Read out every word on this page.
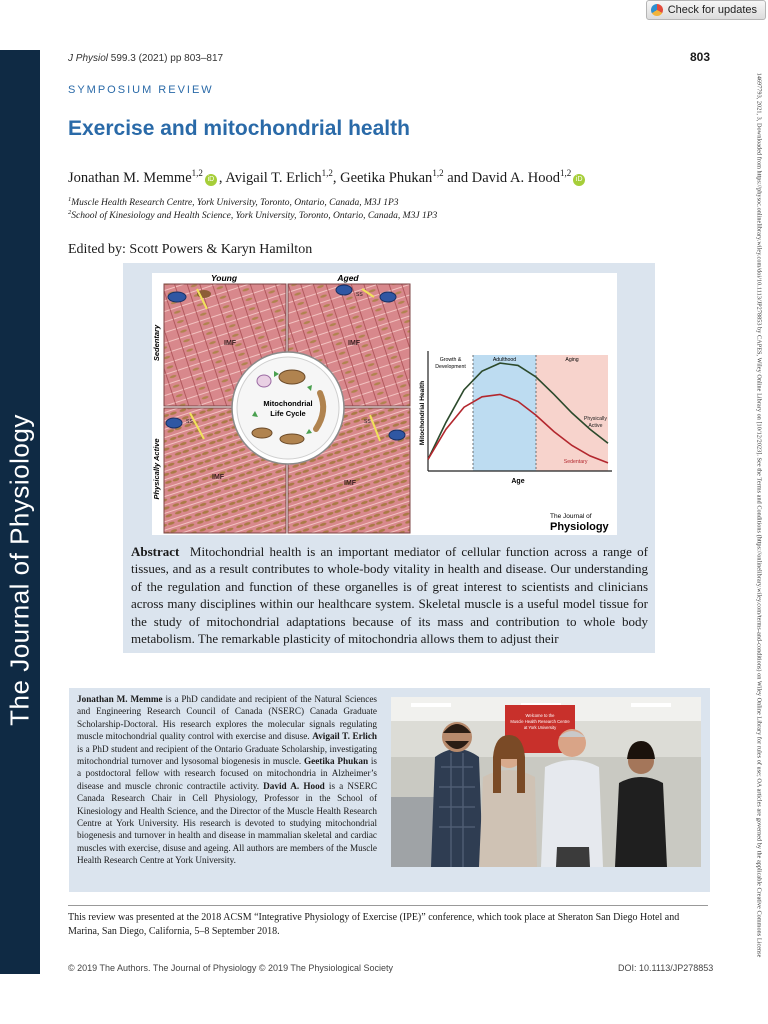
The Journal of Physiology
Check for updates
14697793, 2021, 3, Downloaded from https://physoc.onlinelibrary.wiley.com/doi/10.1113/JP278853 by CAPES, Wiley Online Library on [10/12/2023]. See the Terms and Conditions (https://onlinelibrary.wiley.com/terms-and-conditions) on Wiley Online Library for rules of use; OA articles are governed by the applicable Creative Commons License
J Physiol 599.3 (2021) pp 803–817	803
SYMPOSIUM REVIEW
Exercise and mitochondrial health
Jonathan M. Memme$^{1,2}$iD , Avigail T. Erlich$^{1,2}$, Geetika Phukan$^{1,2}$ and David A. Hood$^{1,2}$iD
$^1$Muscle Health Research Centre, York University, Toronto, Ontario, Canada, M3J 1P3
$^2$School of Kinesiology and Health Science, York University, Toronto, Ontario, Canada, M3J 1P3
Edited by: Scott Powers & Karyn Hamilton
Young	Aged
Sedentary
Physically Active
IMF
SS
IMF
SS
IMF
SS
IMF
Mitochondrial
Life Cycle
Growth &
Development
Adulthood	Aging
Mitochondrial Health
Age
Physically
Active
Sedentary
The Journal of
Physiology
Abstract Mitochondrial health is an important mediator of cellular function across a range of tissues, and as a result contributes to whole-body vitality in health and disease. Our understanding of the regulation and function of these organelles is of great interest to scientists and clinicians across many disciplines within our healthcare system. Skeletal muscle is a useful model tissue for the study of mitochondrial adaptations because of its mass and contribution to whole body metabolism. The remarkable plasticity of mitochondria allows them to adjust their
Jonathan M. Memme is a PhD candidate and recipient of the Natural Sciences and Engineering Research Council of Canada (NSERC) Canada Graduate Scholarship-Doctoral. His research explores the molecular signals regulating muscle mitochondrial quality control with exercise and disuse. Avigail T. Erlich is a PhD student and recipient of the Ontario Graduate Scholarship, investigating mitochondrial turnover and lysosomal biogenesis in muscle. Geetika Phukan is a postdoctoral fellow with research focused on mitochondria in Alzheimer’s disease and muscle chronic contractile activity. David A. Hood is a NSERC Canada Research Chair in Cell Physiology, Professor in the School of Kinesiology and Health Science, and the Director of the Muscle Health Research Centre at York University. His research is devoted to studying mitochondrial biogenesis and turnover in health and disease in mammalian skeletal and cardiac muscles with exercise, disuse and ageing. All authors are members of the Muscle Health Research Centre at York University.
Welcome to the
Muscle Health Research Centre
at York University
This review was presented at the 2018 ACSM “Integrative Physiology of Exercise (IPE)” conference, which took place at Sheraton San Diego Hotel and Marina, San Diego, California, 5–8 September 2018.
© 2019 The Authors. The Journal of Physiology © 2019 The Physiological Society	DOI: 10.1113/JP278853
